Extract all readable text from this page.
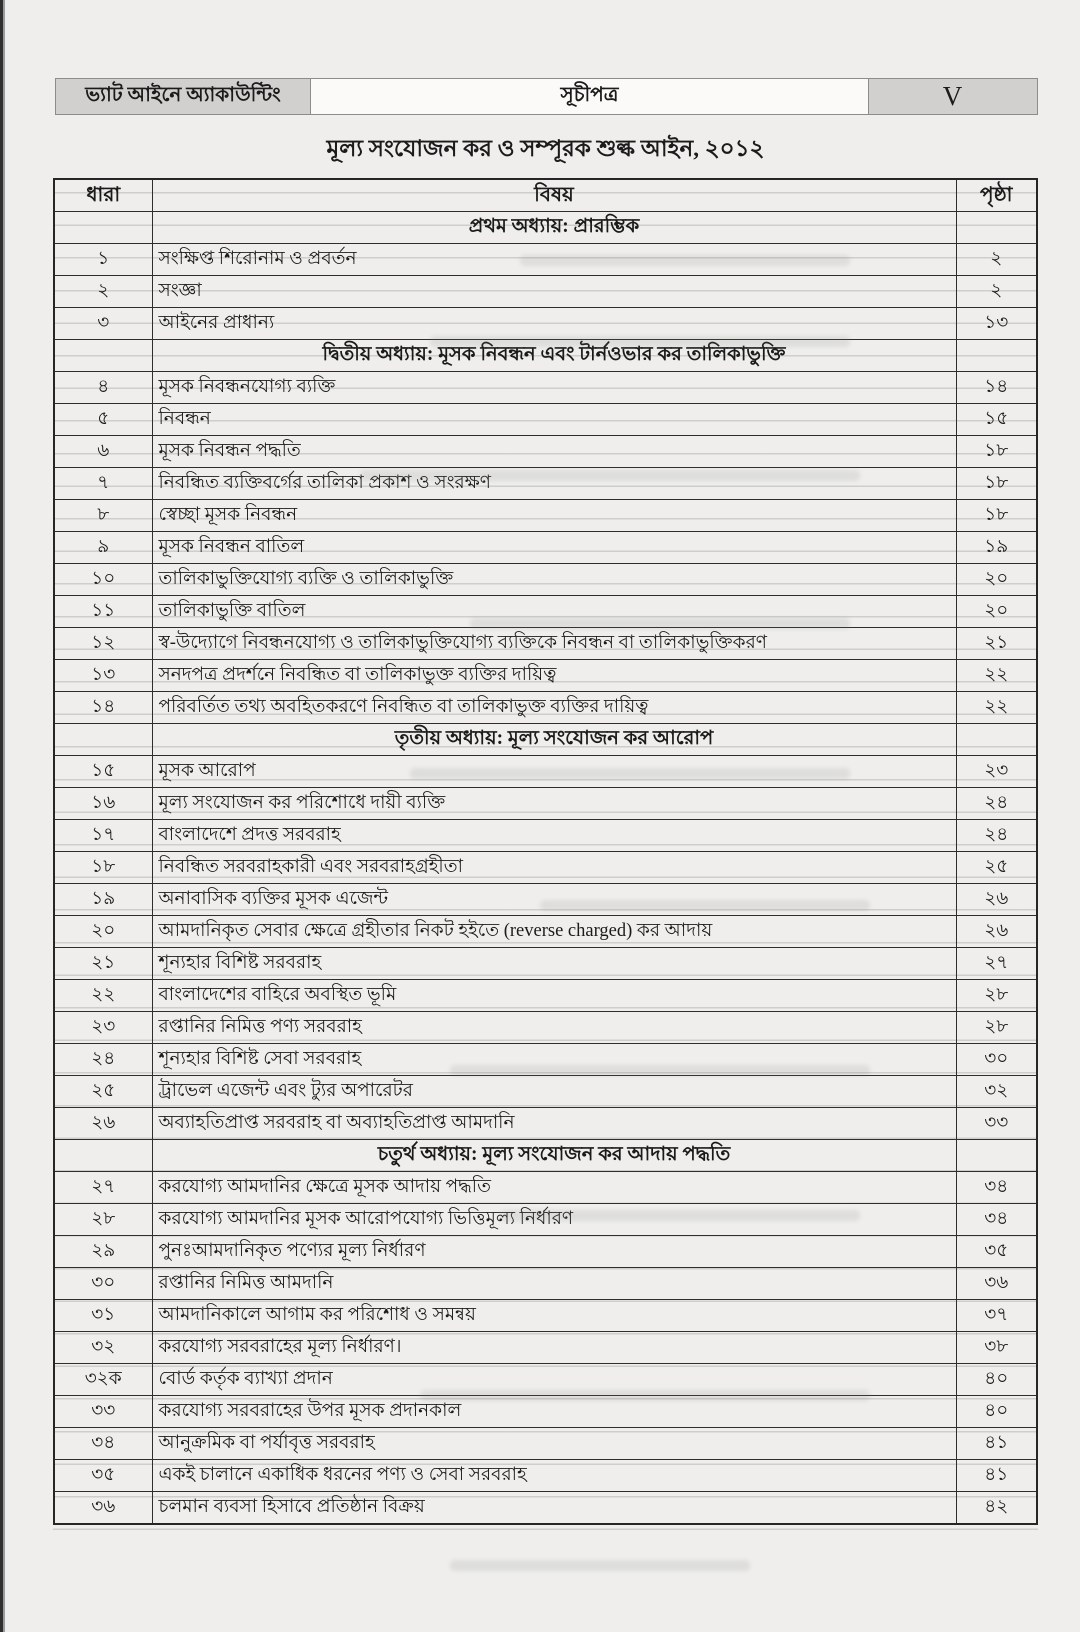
ভ্যাট আইনে অ্যাকাউন্টিং	সূচীপত্র	V
মূল্য সংযোজন কর ও সম্পূরক শুল্ক আইন, ২০১২
ধারা	বিষয়	পৃষ্ঠা
	প্রথম অধ্যায়: প্রারম্ভিক	
১	সংক্ষিপ্ত শিরোনাম ও প্রবর্তন	২
২	সংজ্ঞা	২
৩	আইনের প্রাধান্য	১৩
	দ্বিতীয় অধ্যায়: মূসক নিবন্ধন এবং টার্নওভার কর তালিকাভুক্তি	
৪	মূসক নিবন্ধনযোগ্য ব্যক্তি	১৪
৫	নিবন্ধন	১৫
৬	মূসক নিবন্ধন পদ্ধতি	১৮
৭	নিবন্ধিত ব্যক্তিবর্গের তালিকা প্রকাশ ও সংরক্ষণ	১৮
৮	স্বেচ্ছা মূসক নিবন্ধন	১৮
৯	মূসক নিবন্ধন বাতিল	১৯
১০	তালিকাভুক্তিযোগ্য ব্যক্তি ও তালিকাভুক্তি	২০
১১	তালিকাভুক্তি বাতিল	২০
১২	স্ব-উদ্যোগে নিবন্ধনযোগ্য ও তালিকাভুক্তিযোগ্য ব্যক্তিকে নিবন্ধন বা তালিকাভুক্তিকরণ	২১
১৩	সনদপত্র প্রদর্শনে নিবন্ধিত বা তালিকাভুক্ত ব্যক্তির দায়িত্ব	২২
১৪	পরিবর্তিত তথ্য অবহিতকরণে নিবন্ধিত বা তালিকাভুক্ত ব্যক্তির দায়িত্ব	২২
	তৃতীয় অধ্যায়: মূল্য সংযোজন কর আরোপ	
১৫	মূসক আরোপ	২৩
১৬	মূল্য সংযোজন কর পরিশোধে দায়ী ব্যক্তি	২৪
১৭	বাংলাদেশে প্রদত্ত সরবরাহ	২৪
১৮	নিবন্ধিত সরবরাহকারী এবং সরবরাহগ্রহীতা	২৫
১৯	অনাবাসিক ব্যক্তির মূসক এজেন্ট	২৬
২০	আমদানিকৃত সেবার ক্ষেত্রে গ্রহীতার নিকট হইতে (reverse charged) কর আদায়	২৬
২১	শূন্যহার বিশিষ্ট সরবরাহ	২৭
২২	বাংলাদেশের বাহিরে অবস্থিত ভূমি	২৮
২৩	রপ্তানির নিমিত্ত পণ্য সরবরাহ	২৮
২৪	শূন্যহার বিশিষ্ট সেবা সরবরাহ	৩০
২৫	ট্রাভেল এজেন্ট এবং ট্যুর অপারেটর	৩২
২৬	অব্যাহতিপ্রাপ্ত সরবরাহ বা অব্যাহতিপ্রাপ্ত আমদানি	৩৩
	চতুর্থ অধ্যায়: মূল্য সংযোজন কর আদায় পদ্ধতি	
২৭	করযোগ্য আমদানির ক্ষেত্রে মূসক আদায় পদ্ধতি	৩৪
২৮	করযোগ্য আমদানির মূসক আরোপযোগ্য ভিত্তিমূল্য নির্ধারণ	৩৪
২৯	পুনঃআমদানিকৃত পণ্যের মূল্য নির্ধারণ	৩৫
৩০	রপ্তানির নিমিত্ত আমদানি	৩৬
৩১	আমদানিকালে আগাম কর পরিশোধ ও সমন্বয়	৩৭
৩২	করযোগ্য সরবরাহের মূল্য নির্ধারণ।	৩৮
৩২ক	বোর্ড কর্তৃক ব্যাখ্যা প্রদান	৪০
৩৩	করযোগ্য সরবরাহের উপর মূসক প্রদানকাল	৪০
৩৪	আনুক্রমিক বা পর্যাবৃত্ত সরবরাহ	৪১
৩৫	একই চালানে একাধিক ধরনের পণ্য ও সেবা সরবরাহ	৪১
৩৬	চলমান ব্যবসা হিসাবে প্রতিষ্ঠান বিক্রয়	৪২
